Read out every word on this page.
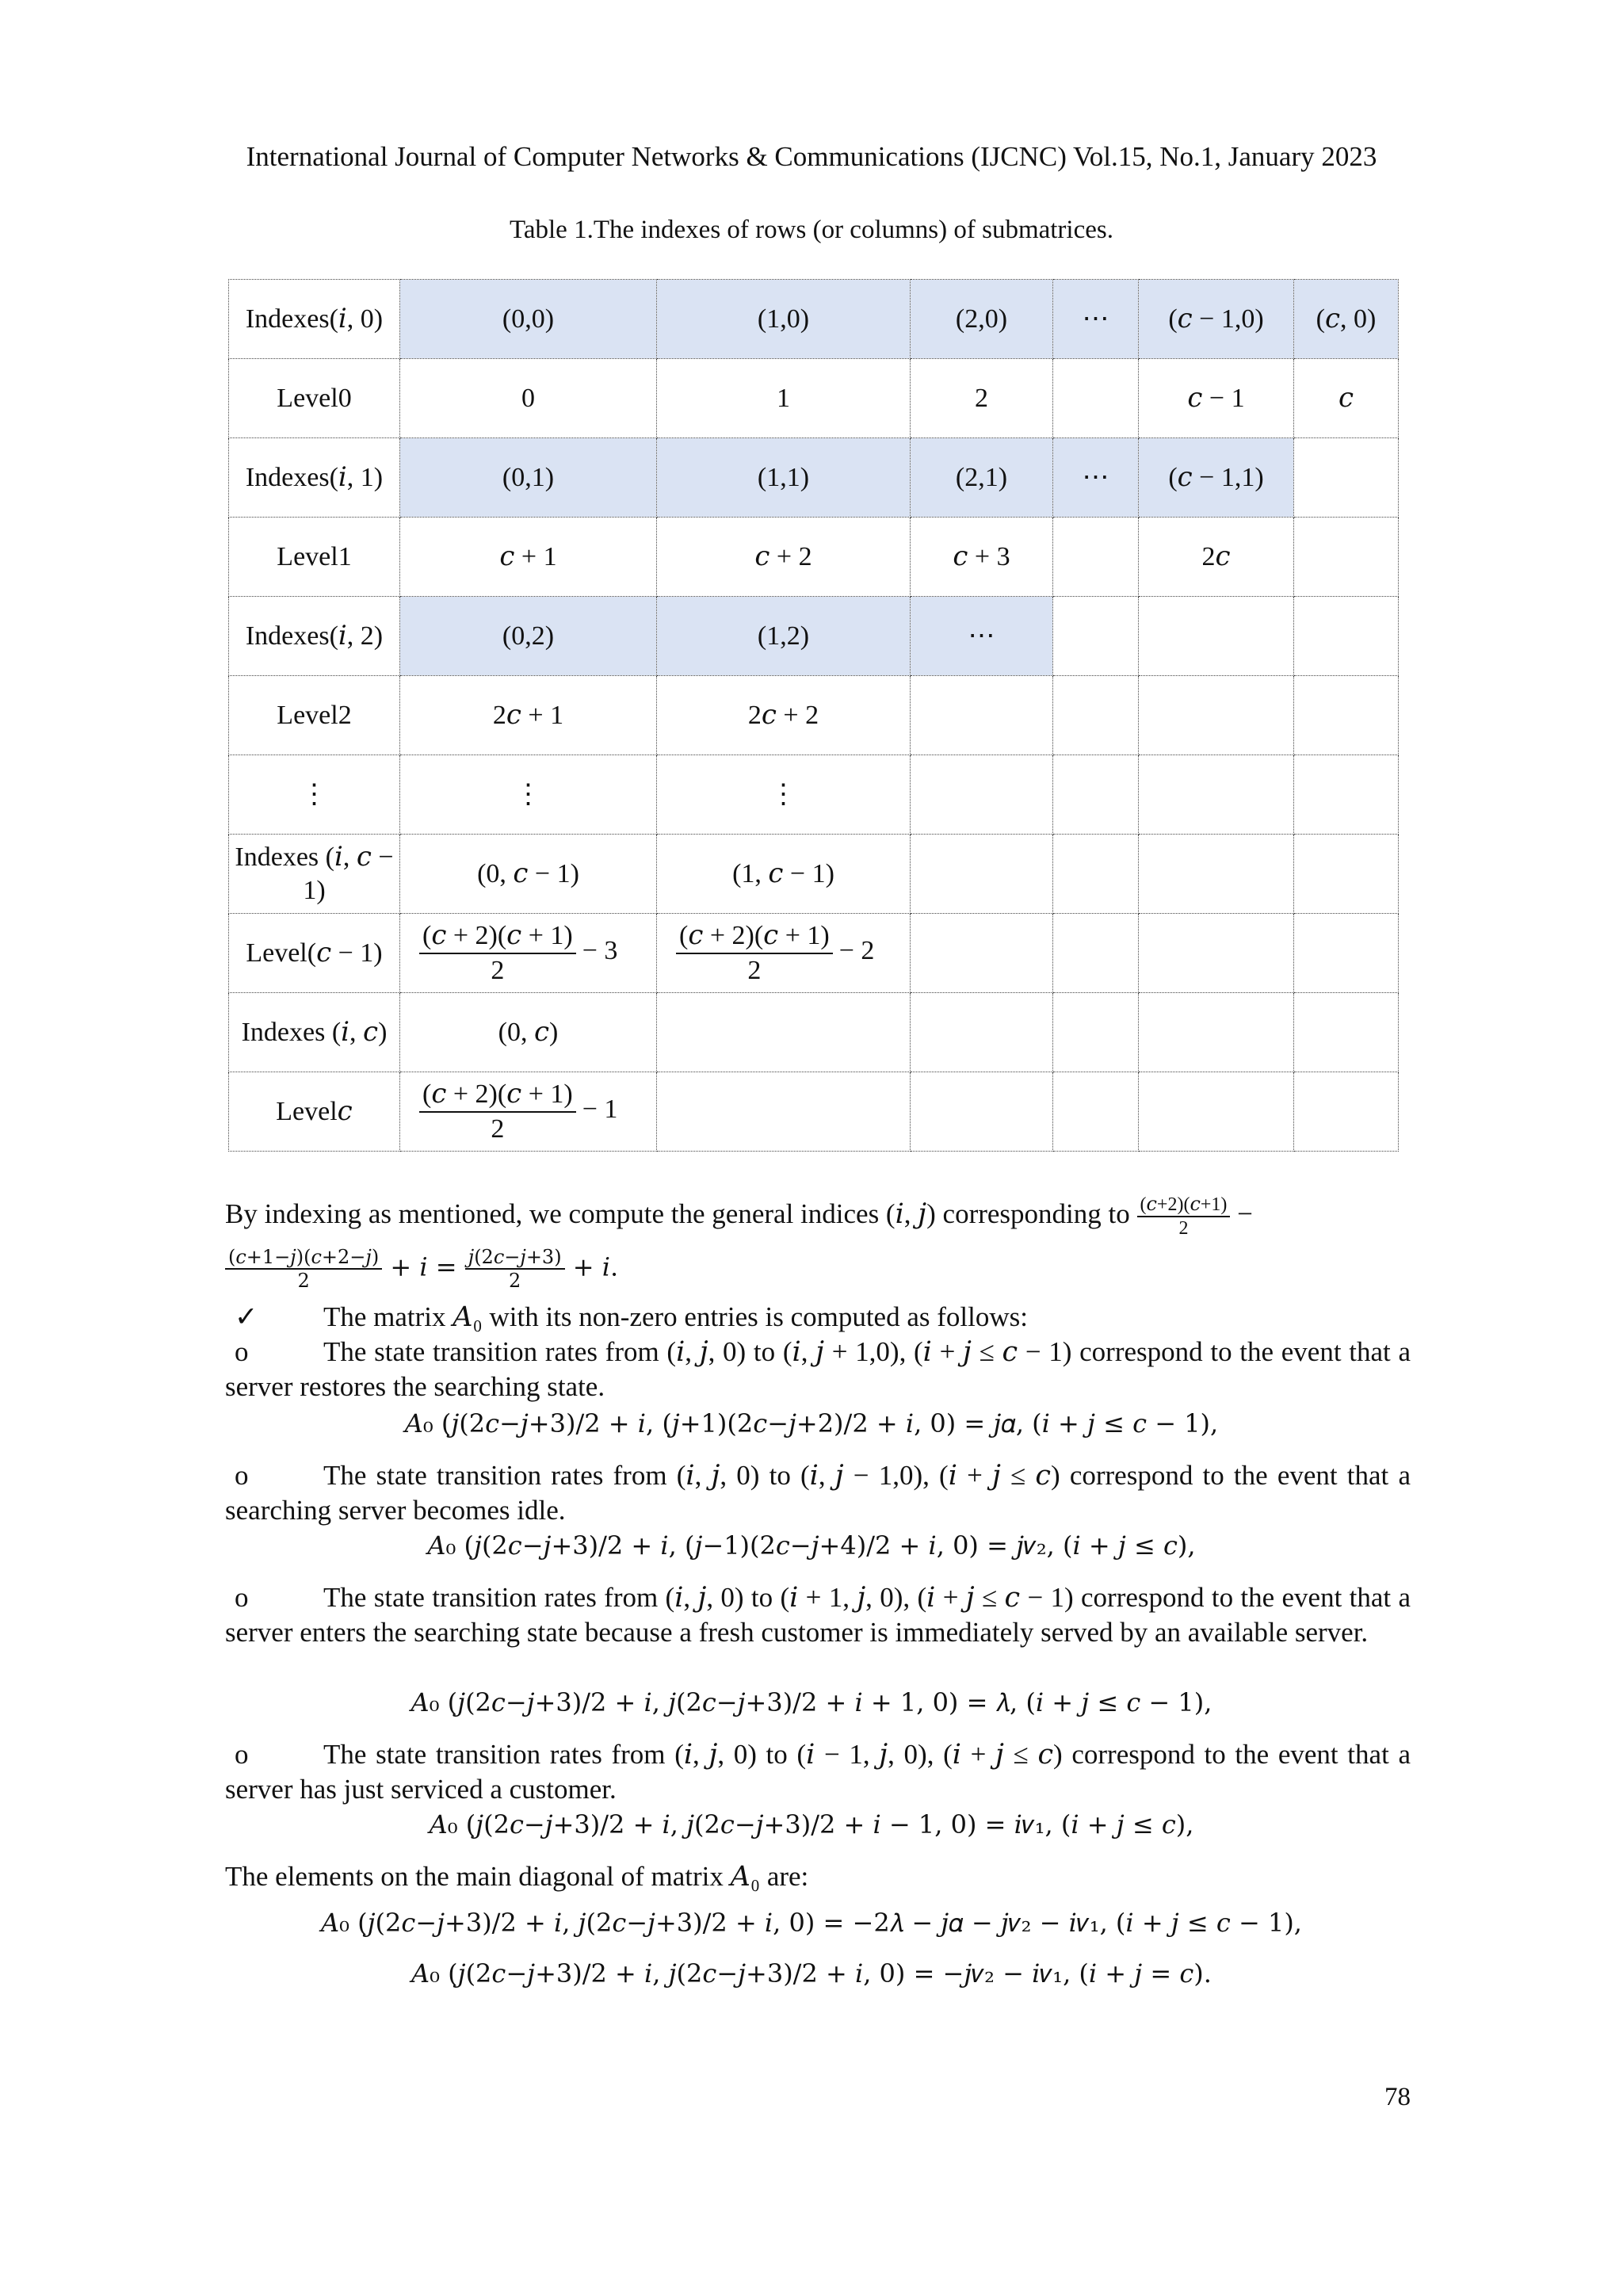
International Journal of Computer Networks & Communications (IJCNC) Vol.15, No.1, January 2023
Table 1.The indexes of rows (or columns) of submatrices.
Indexes(𝑖, 0)	(0,0)	(1,0)	(2,0)	⋯	(𝑐 − 1,0)	(𝑐, 0)
Level0	0	1	2		𝑐 − 1	𝑐
Indexes(𝑖, 1)	(0,1)	(1,1)	(2,1)	⋯	(𝑐 − 1,1)	
Level1	𝑐 + 1	𝑐 + 2	𝑐 + 3		2𝑐	
Indexes(𝑖, 2)	(0,2)	(1,2)	⋯			
Level2	2𝑐 + 1	2𝑐 + 2				
⋮	⋮	⋮				
Indexes (𝑖, 𝑐 − 1)	(0, 𝑐 − 1)	(1, 𝑐 − 1)				
Level(𝑐 − 1)	$\frac{\text{(𝑐 + 2)(𝑐 + 1)}}{2} - 3$	$\frac{\text{(𝑐 + 2)(𝑐 + 1)}}{2} - 2$				
Indexes (𝑖, 𝑐)	(0, 𝑐)					
Level𝑐	$\frac{\text{(𝑐 + 2)(𝑐 + 1)}}{2} - 1$					
By indexing as mentioned, we compute the general indices (𝑖, 𝑗) corresponding to $\frac{\text{(𝑐+2)(𝑐+1)}}{2}$ −
$\frac{\text{(𝑐+1−𝑗)(𝑐+2−𝑗)}}{2}$ + 𝑖 = $\frac{\text{𝑗(2𝑐−𝑗+3)}}{2}$ + 𝑖.
✓ The matrix 𝐴₀ with its non-zero entries is computed as follows:
o	The state transition rates from (𝑖, 𝑗, 0) to (𝑖, 𝑗 + 1,0), (𝑖 + 𝑗 ≤ 𝑐 − 1) correspond to the event that a server restores the searching state.
𝐴₀ (𝑗(2𝑐−𝑗+3)/2 + 𝑖, (𝑗+1)(2𝑐−𝑗+2)/2 + 𝑖, 0) = 𝑗𝛼, (𝑖 + 𝑗 ≤ 𝑐 − 1),
o	The state transition rates from (𝑖, 𝑗, 0) to (𝑖, 𝑗 − 1,0), (𝑖 + 𝑗 ≤ 𝑐) correspond to the event that a searching server becomes idle.
𝐴₀ (𝑗(2𝑐−𝑗+3)/2 + 𝑖, (𝑗−1)(2𝑐−𝑗+4)/2 + 𝑖, 0) = 𝑗𝜈₂, (𝑖 + 𝑗 ≤ 𝑐),
o	The state transition rates from (𝑖, 𝑗, 0) to (𝑖 + 1, 𝑗, 0), (𝑖 + 𝑗 ≤ 𝑐 − 1) correspond to the event that a server enters the searching state because a fresh customer is immediately served by an available server.
𝐴₀ (𝑗(2𝑐−𝑗+3)/2 + 𝑖, 𝑗(2𝑐−𝑗+3)/2 + 𝑖 + 1, 0) = 𝜆, (𝑖 + 𝑗 ≤ 𝑐 − 1),
o	The state transition rates from (𝑖, 𝑗, 0) to (𝑖 − 1, 𝑗, 0), (𝑖 + 𝑗 ≤ 𝑐) correspond to the event that a server has just serviced a customer.
𝐴₀ (𝑗(2𝑐−𝑗+3)/2 + 𝑖, 𝑗(2𝑐−𝑗+3)/2 + 𝑖 − 1, 0) = 𝑖𝜈₁, (𝑖 + 𝑗 ≤ 𝑐),
The elements on the main diagonal of matrix 𝐴₀ are:
𝐴₀ (𝑗(2𝑐−𝑗+3)/2 + 𝑖, 𝑗(2𝑐−𝑗+3)/2 + 𝑖, 0) = −2𝜆 − 𝑗𝛼 − 𝑗𝜈₂ − 𝑖𝜈₁, (𝑖 + 𝑗 ≤ 𝑐 − 1),
𝐴₀ (𝑗(2𝑐−𝑗+3)/2 + 𝑖, 𝑗(2𝑐−𝑗+3)/2 + 𝑖, 0) = −𝑗𝜈₂ − 𝑖𝜈₁, (𝑖 + 𝑗 = 𝑐).
78
